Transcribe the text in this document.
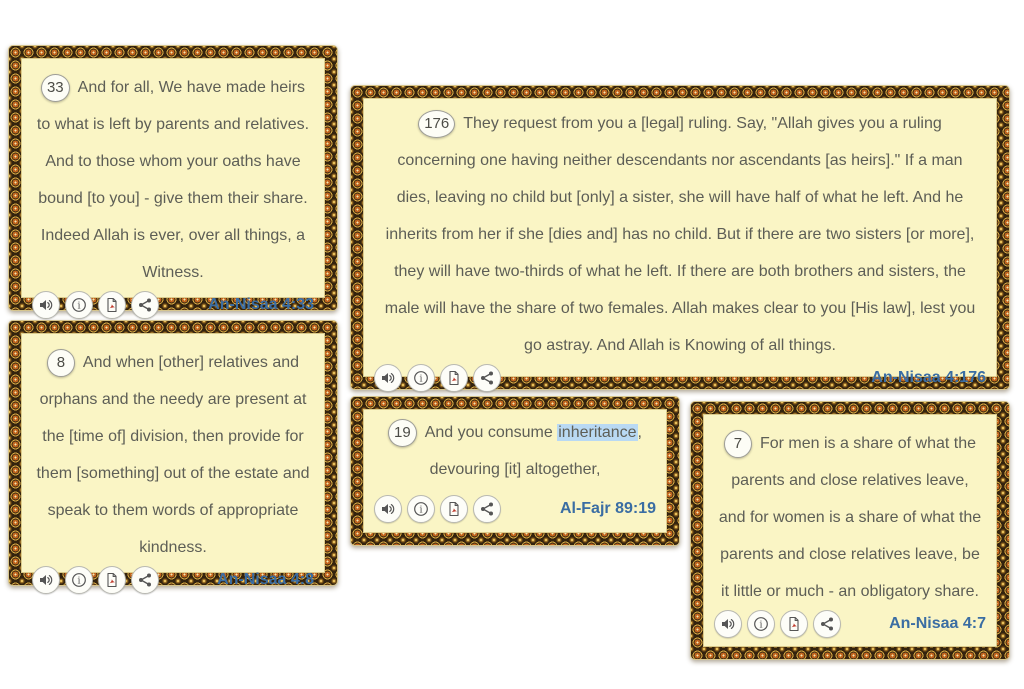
33 And for all, We have made heirs to what is left by parents and relatives. And to those whom your oaths have bound [to you] - give them their share. Indeed Allah is ever, over all things, a Witness.

i	An-Nisaa 4:33

176 They request from you a [legal] ruling. Say, "Allah gives you a ruling concerning one having neither descendants nor ascendants [as heirs]." If a man dies, leaving no child but [only] a sister, she will have half of what he left. And he inherits from her if she [dies and] has no child. But if there are two sisters [or more], they will have two-thirds of what he left. If there are both brothers and sisters, the male will have the share of two females. Allah makes clear to you [His law], lest you go astray. And Allah is Knowing of all things.

i	An-Nisaa 4:176

8 And when [other] relatives and orphans and the needy are present at the [time of] division, then provide for them [something] out of the estate and speak to them words of appropriate kindness.

i	An-Nisaa 4:8

19 And you consume inheritance, devouring [it] altogether,

i	Al-Fajr 89:19

7 For men is a share of what the parents and close relatives leave, and for women is a share of what the parents and close relatives leave, be it little or much - an obligatory share.

i	An-Nisaa 4:7
